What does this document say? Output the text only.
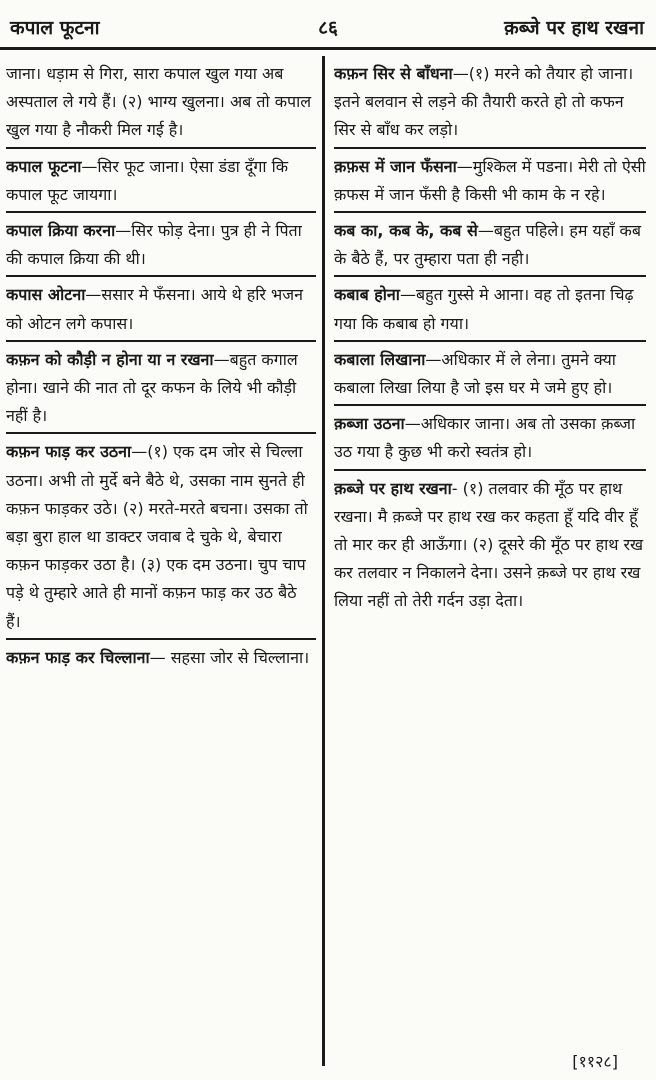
कपाल फूटना	८६	क़ब्जे पर हाथ रखना

जाना। धड़ाम से गिरा, सारा कपाल खुल गया अब अस्पताल ले गये हैं। (२) भाग्य खुलना। अब तो कपाल खुल गया है नौकरी मिल गई है।

कपाल फूटना—सिर फूट जाना। ऐसा डंडा दूँगा कि कपाल फूट जायगा।

कपाल क्रिया करना—सिर फोड़ देना। पुत्र ही ने पिता की कपाल क्रिया की थी।

कपास ओटना—ससार मे फँसना। आये थे हरि भजन को ओटन लगे कपास।

कफ़न को कौड़ी न होना या न रखना—बहुत कगाल होना। खाने की नात तो दूर कफन के लिये भी कौड़ी नहीं है।

कफ़न फाड़ कर उठना—(१) एक दम जोर से चिल्ला उठना। अभी तो मुर्दे बने बैठे थे, उसका नाम सुनते ही कफ़न फाड़कर उठे। (२) मरते-मरते बचना। उसका तो बड़ा बुरा हाल था डाक्टर जवाब दे चुके थे, बेचारा कफ़न फाड़कर उठा है। (३) एक दम उठना। चुप चाप पड़े थे तुम्हारे आते ही मानों कफ़न फाड़ कर उठ बैठे हैं।

कफ़न फाड़ कर चिल्लाना— सहसा जोर से चिल्लाना।

कफ़न सिर से बाँधना—(१) मरने को तैयार हो जाना। इतने बलवान से लड़ने की तैयारी करते हो तो कफन सिर से बाँध कर लड़ो।

क़फ़स में जान फँसना—मुश्किल में पडना। मेरी तो ऐसी क़फस में जान फँसी है किसी भी काम के न रहे।

कब का, कब के, कब से—बहुत पहिले। हम यहाँ कब के बैठे हैं, पर तुम्हारा पता ही नही।

कबाब होना—बहुत गुस्से मे आना। वह तो इतना चिढ़ गया कि कबाब हो गया।

कबाला लिखाना—अधिकार में ले लेना। तुमने क्या कबाला लिखा लिया है जो इस घर मे जमे हुए हो।

क़ब्जा उठना—अधिकार जाना। अब तो उसका क़ब्जा उठ गया है कुछ भी करो स्वतंत्र हो।

क़ब्जे पर हाथ रखना- (१) तलवार की मूँठ पर हाथ रखना। मै क़ब्जे पर हाथ रख कर कहता हूँ यदि वीर हूँ तो मार कर ही आऊँगा। (२) दूसरे की मूँठ पर हाथ रख कर तलवार न निकालने देना। उसने क़ब्जे पर हाथ रख लिया नहीं तो तेरी गर्दन उड़ा देता।

[११२८]
